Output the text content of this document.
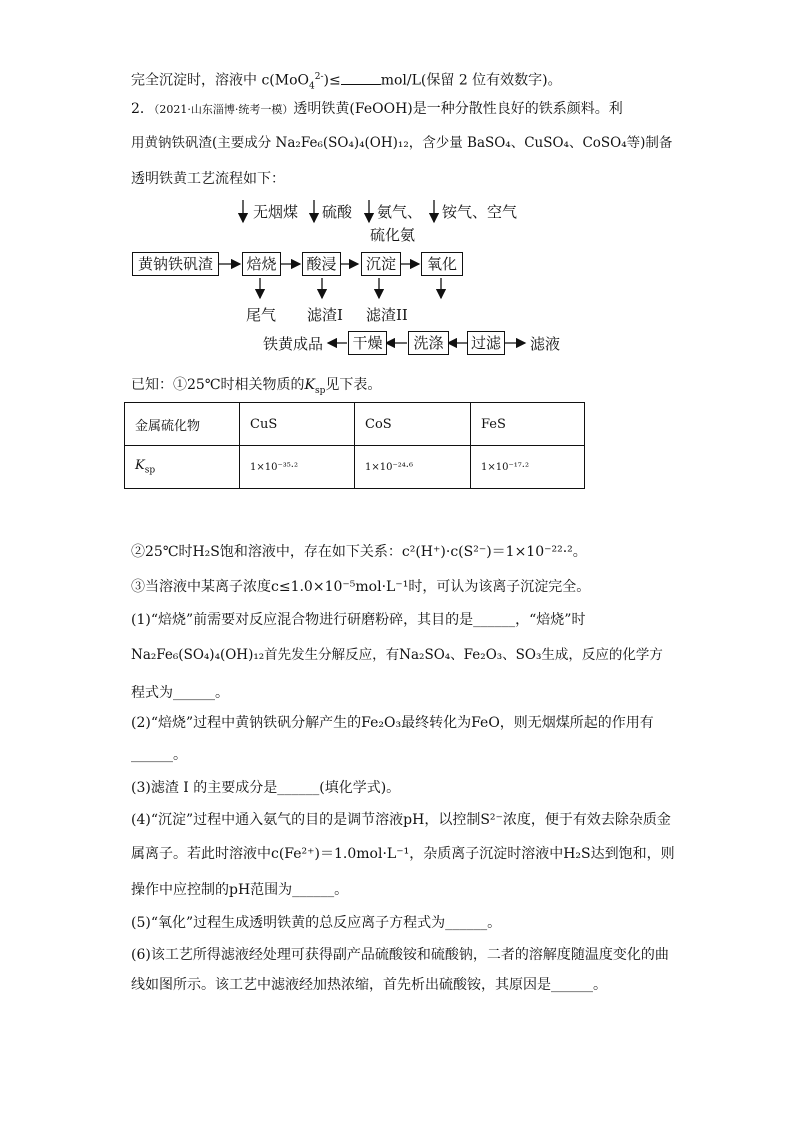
完全沉淀时，溶液中 c(MoO$_4^{2-}$)≤	mol/L(保留 2 位有效数字)。
2．（2021·山东淄博·统考一模）透明铁黄(FeOOH)是一种分散性良好的铁系颜料。利
用黄钠铁矾渣(主要成分 Na₂Fe₆(SO₄)₄(OH)₁₂，含少量 BaSO₄、CuSO₄、CoSO₄等)制备
透明铁黄工艺流程如下：
无烟煤 硫酸 氨气、 铵气、空气
硫化氨
黄钠铁矾渣	焙烧	酸浸	沉淀	氧化
尾气 滤渣I 滤渣II
过滤
洗涤
干燥	滤液
铁黄成品
已知：①25℃时相关物质的$K_{sp}$见下表。
金属硫化物	CuS	CoS	FeS
$K_{sp}$	1×10⁻³⁵·²	1×10⁻²⁴·⁶	1×10⁻¹⁷·²
②25℃时H₂S饱和溶液中，存在如下关系：c²(H⁺)·c(S²⁻)＝1×10⁻²²·²。
③当溶液中某离子浓度c≤1.0×10⁻⁵mol·L⁻¹时，可认为该离子沉淀完全。
(1)“焙烧”前需要对反应混合物进行研磨粉碎，其目的是______，“焙烧”时
Na₂Fe₆(SO₄)₄(OH)₁₂首先发生分解反应，有Na₂SO₄、Fe₂O₃、SO₃生成，反应的化学方
程式为______。
(2)“焙烧”过程中黄钠铁矾分解产生的Fe₂O₃最终转化为FeO，则无烟煤所起的作用有
______。
(3)滤渣 I 的主要成分是______(填化学式)。
(4)“沉淀”过程中通入氨气的目的是调节溶液pH，以控制S²⁻浓度，便于有效去除杂质金
属离子。若此时溶液中c(Fe²⁺)＝1.0mol·L⁻¹，杂质离子沉淀时溶液中H₂S达到饱和，则
操作中应控制的pH范围为______。
(5)“氧化”过程生成透明铁黄的总反应离子方程式为______。
(6)该工艺所得滤液经处理可获得副产品硫酸铵和硫酸钠，二者的溶解度随温度变化的曲
线如图所示。该工艺中滤液经加热浓缩，首先析出硫酸铵，其原因是______。
